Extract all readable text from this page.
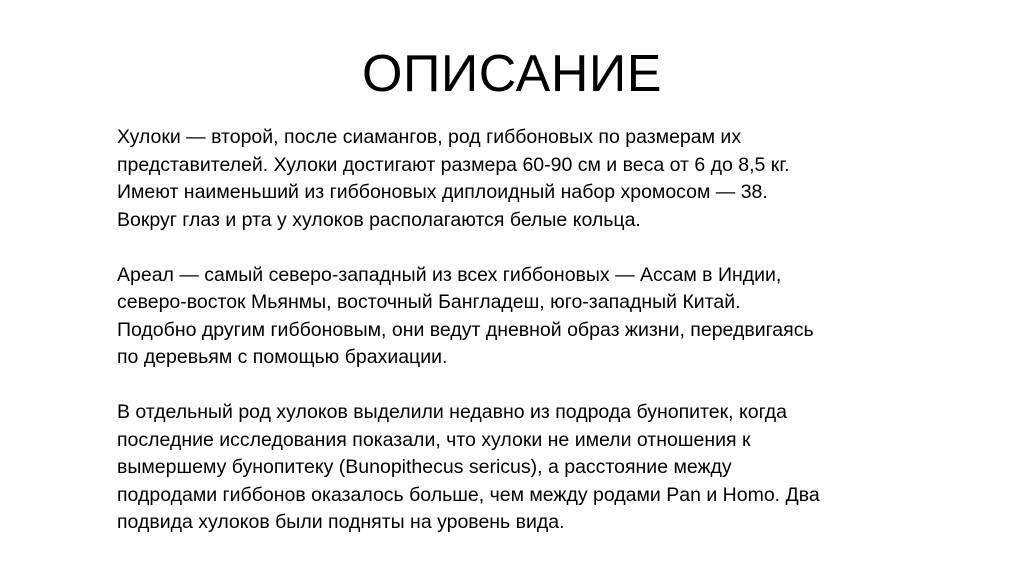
ОПИСАНИЕ

Хулоки — второй, после сиамангов, род гиббоновых по размерам их
представителей. Хулоки достигают размера 60-90 см и веса от 6 до 8,5 кг.
Имеют наименьший из гиббоновых диплоидный набор хромосом — 38.
Вокруг глаз и рта у хулоков располагаются белые кольца.

Ареал — самый северо-западный из всех гиббоновых — Ассам в Индии,
северо-восток Мьянмы, восточный Бангладеш, юго-западный Китай.
Подобно другим гиббоновым, они ведут дневной образ жизни, передвигаясь
по деревьям с помощью брахиации.

В отдельный род хулоков выделили недавно из подрода бунопитек, когда
последние исследования показали, что хулоки не имели отношения к
вымершему бунопитеку (Bunopithecus sericus), а расстояние между
подродами гиббонов оказалось больше, чем между родами Pan и Homo. Два
подвида хулоков были подняты на уровень вида.
